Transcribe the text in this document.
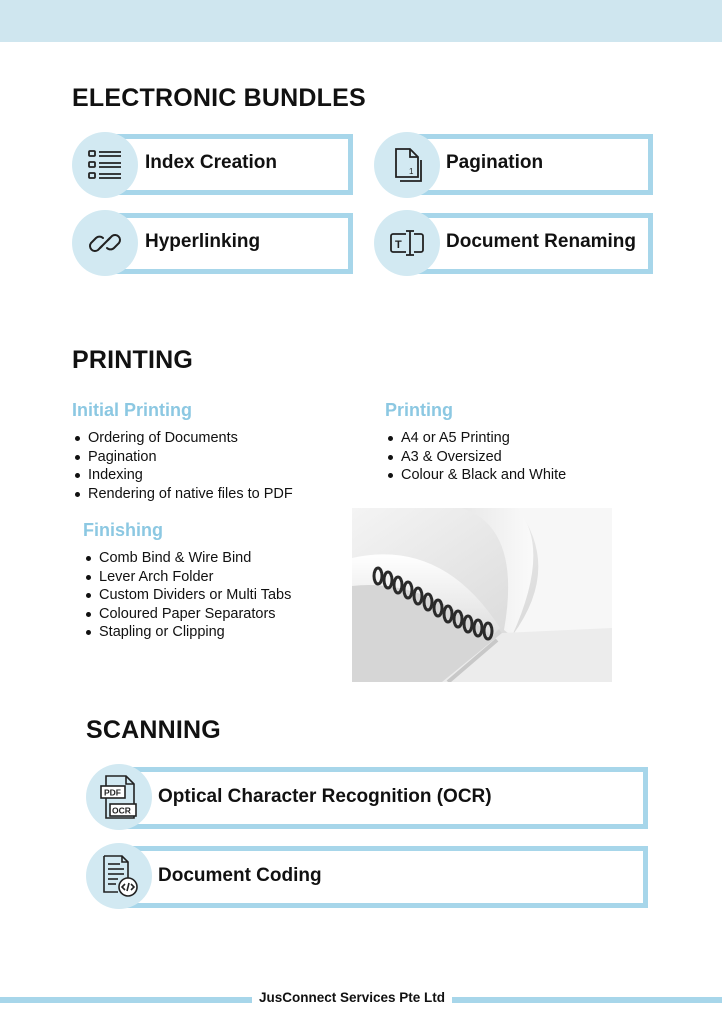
ELECTRONIC BUNDLES
Index Creation	1 Pagination
Hyperlinking	T Document Renaming
PRINTING
Initial Printing
Ordering of Documents
Pagination
Indexing
Rendering of native files to PDF
Printing
A4 or A5 Printing
A3 & Oversized
Colour & Black and White
Finishing
Comb Bind & Wire Bind
Lever Arch Folder
Custom Dividers or Multi Tabs
Coloured Paper Separators
Stapling or Clipping
SCANNING
PDF
OCR
Optical Character Recognition (OCR)
Document Coding
JusConnect Services Pte Ltd
